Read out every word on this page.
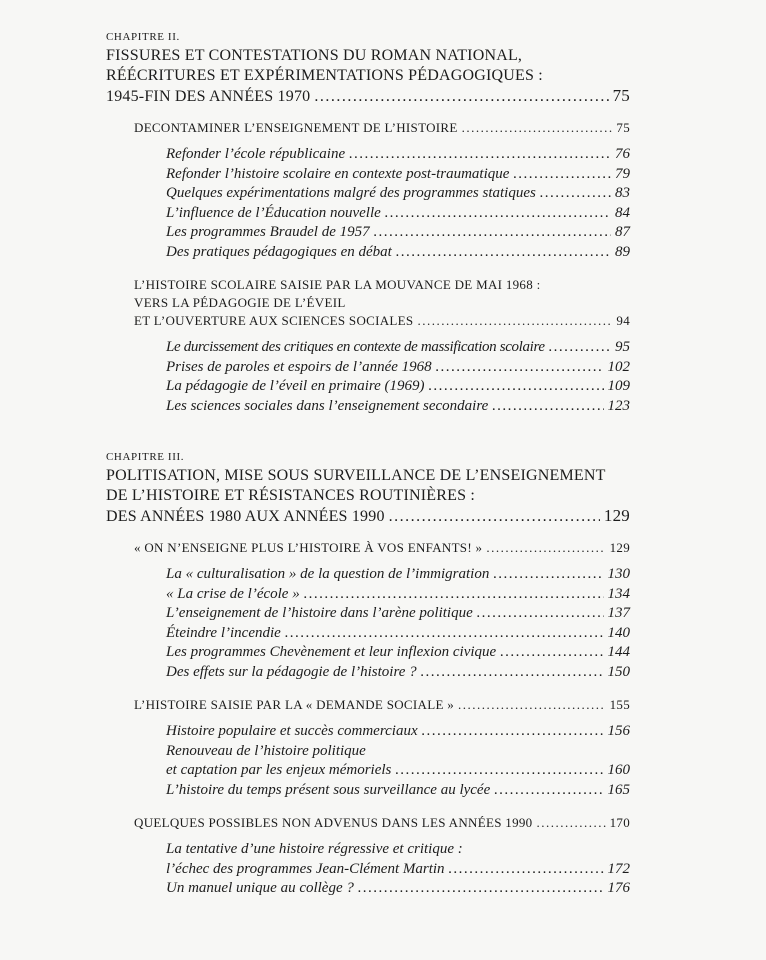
CHAPITRE II.
FISSURES ET CONTESTATIONS DU ROMAN NATIONAL,
RÉÉCRITURES ET EXPÉRIMENTATIONS PÉDAGOGIQUES :
1945-FIN DES ANNÉES 1970 .....	75
DECONTAMINER L’ENSEIGNEMENT DE L’HISTOIRE .....	75
Refonder l’école républicaine .....	76
Refonder l’histoire scolaire en contexte post-traumatique .....	79
Quelques expérimentations malgré des programmes statiques .....	83
L’influence de l’Éducation nouvelle .....	84
Les programmes Braudel de 1957 .....	87
Des pratiques pédagogiques en débat .....	89
L’HISTOIRE SCOLAIRE SAISIE PAR LA MOUVANCE DE MAI 1968 :
VERS LA PÉDAGOGIE DE L’ÉVEIL
ET L’OUVERTURE AUX SCIENCES SOCIALES .....	94
Le durcissement des critiques en contexte de massification scolaire .....	95
Prises de paroles et espoirs de l’année 1968 .....	102
La pédagogie de l’éveil en primaire (1969) .....	109
Les sciences sociales dans l’enseignement secondaire .....	123
CHAPITRE III.
POLITISATION, MISE SOUS SURVEILLANCE DE L’ENSEIGNEMENT
DE L’HISTOIRE ET RÉSISTANCES ROUTINIÈRES :
DES ANNÉES 1980 AUX ANNÉES 1990 .....	129
« ON N’ENSEIGNE PLUS L’HISTOIRE À VOS ENFANTS! » .....	129
La « culturalisation » de la question de l’immigration .....	130
« La crise de l’école » .....	134
L’enseignement de l’histoire dans l’arène politique .....	137
Éteindre l’incendie .....	140
Les programmes Chevènement et leur inflexion civique .....	144
Des effets sur la pédagogie de l’histoire ? .....	150
L’HISTOIRE SAISIE PAR LA « DEMANDE SOCIALE » .....	155
Histoire populaire et succès commerciaux .....	156
Renouveau de l’histoire politique
et captation par les enjeux mémoriels .....	160
L’histoire du temps présent sous surveillance au lycée .....	165
QUELQUES POSSIBLES NON ADVENUS DANS LES ANNÉES 1990 .....	170
La tentative d’une histoire régressive et critique :
l’échec des programmes Jean-Clément Martin .....	172
Un manuel unique au collège ? .....	176
